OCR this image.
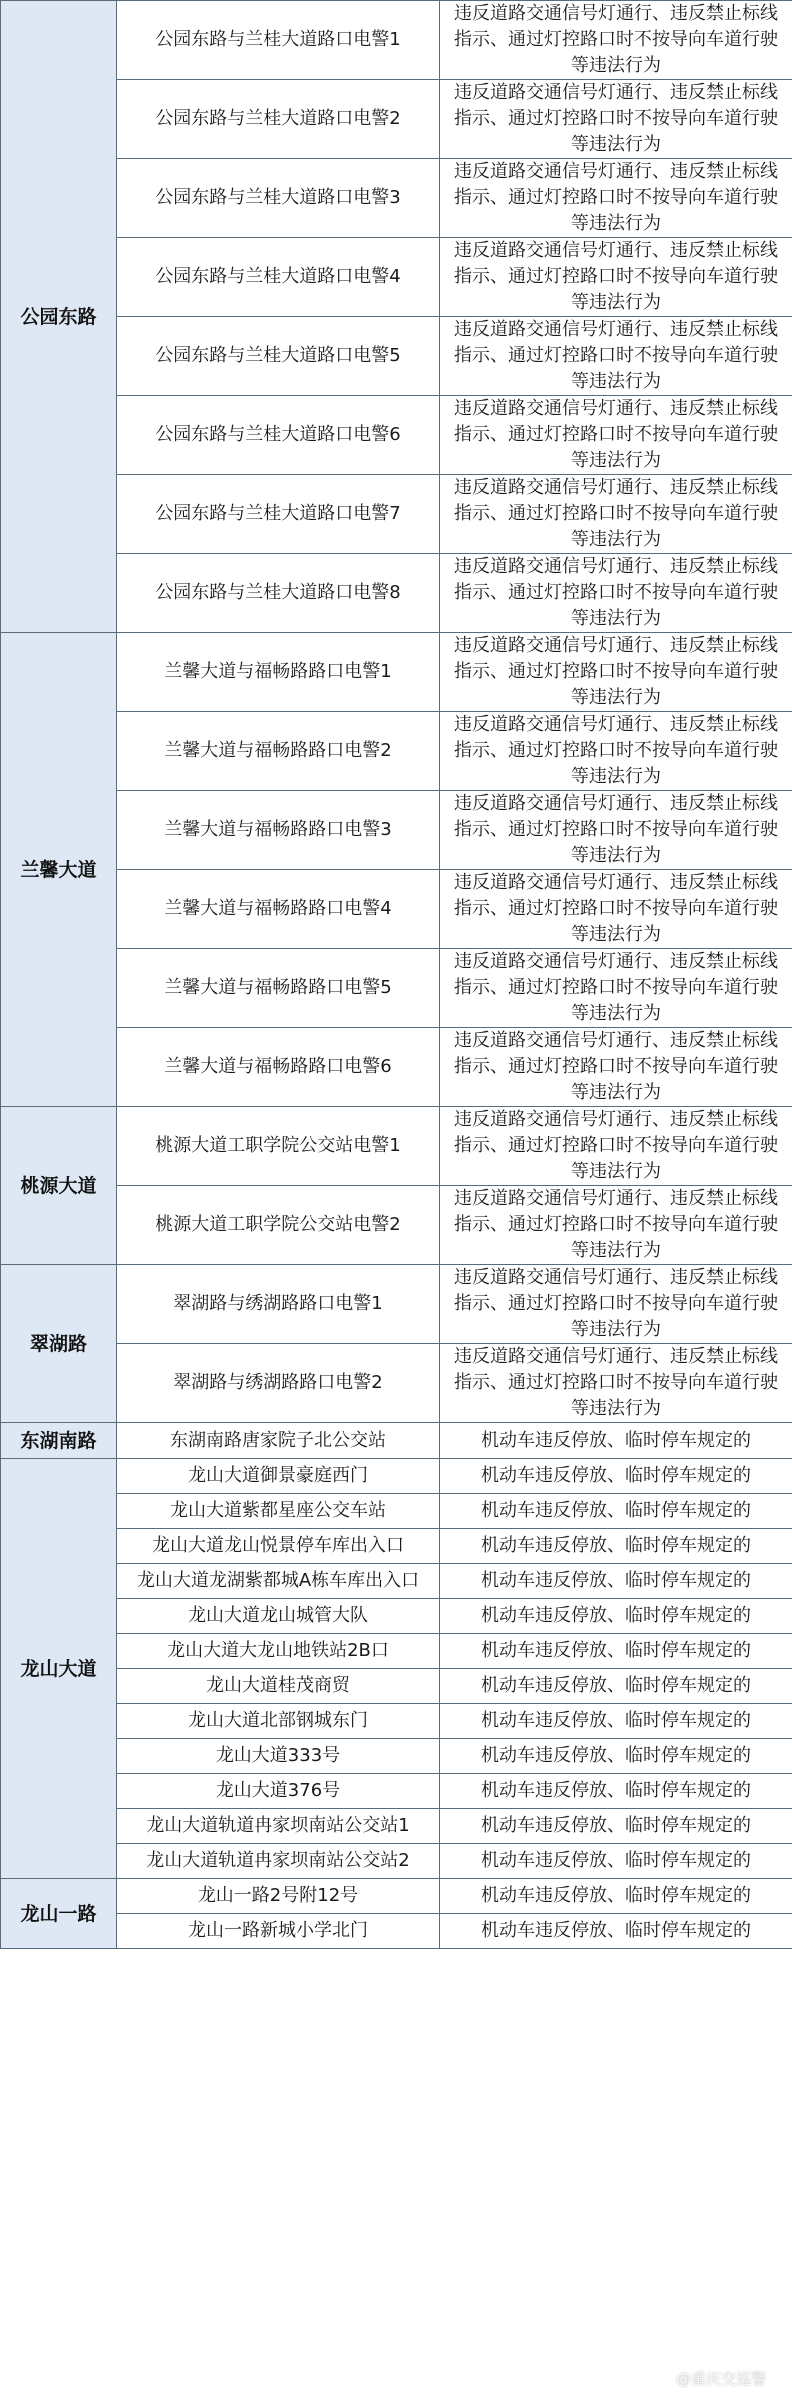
公园东路	公园东路与兰桂大道路口电警1	违反道路交通信号灯通行、违反禁止标线指示、通过灯控路口时不按导向车道行驶等违法行为
	公园东路与兰桂大道路口电警2	违反道路交通信号灯通行、违反禁止标线指示、通过灯控路口时不按导向车道行驶等违法行为
	公园东路与兰桂大道路口电警3	违反道路交通信号灯通行、违反禁止标线指示、通过灯控路口时不按导向车道行驶等违法行为
	公园东路与兰桂大道路口电警4	违反道路交通信号灯通行、违反禁止标线指示、通过灯控路口时不按导向车道行驶等违法行为
	公园东路与兰桂大道路口电警5	违反道路交通信号灯通行、违反禁止标线指示、通过灯控路口时不按导向车道行驶等违法行为
	公园东路与兰桂大道路口电警6	违反道路交通信号灯通行、违反禁止标线指示、通过灯控路口时不按导向车道行驶等违法行为
	公园东路与兰桂大道路口电警7	违反道路交通信号灯通行、违反禁止标线指示、通过灯控路口时不按导向车道行驶等违法行为
	公园东路与兰桂大道路口电警8	违反道路交通信号灯通行、违反禁止标线指示、通过灯控路口时不按导向车道行驶等违法行为
兰馨大道	兰馨大道与福畅路路口电警1	违反道路交通信号灯通行、违反禁止标线指示、通过灯控路口时不按导向车道行驶等违法行为
	兰馨大道与福畅路路口电警2	违反道路交通信号灯通行、违反禁止标线指示、通过灯控路口时不按导向车道行驶等违法行为
	兰馨大道与福畅路路口电警3	违反道路交通信号灯通行、违反禁止标线指示、通过灯控路口时不按导向车道行驶等违法行为
	兰馨大道与福畅路路口电警4	违反道路交通信号灯通行、违反禁止标线指示、通过灯控路口时不按导向车道行驶等违法行为
	兰馨大道与福畅路路口电警5	违反道路交通信号灯通行、违反禁止标线指示、通过灯控路口时不按导向车道行驶等违法行为
	兰馨大道与福畅路路口电警6	违反道路交通信号灯通行、违反禁止标线指示、通过灯控路口时不按导向车道行驶等违法行为
桃源大道	桃源大道工职学院公交站电警1	违反道路交通信号灯通行、违反禁止标线指示、通过灯控路口时不按导向车道行驶等违法行为
	桃源大道工职学院公交站电警2	违反道路交通信号灯通行、违反禁止标线指示、通过灯控路口时不按导向车道行驶等违法行为
翠湖路	翠湖路与绣湖路路口电警1	违反道路交通信号灯通行、违反禁止标线指示、通过灯控路口时不按导向车道行驶等违法行为
	翠湖路与绣湖路路口电警2	违反道路交通信号灯通行、违反禁止标线指示、通过灯控路口时不按导向车道行驶等违法行为
东湖南路	东湖南路唐家院子北公交站	机动车违反停放、临时停车规定的
龙山大道	龙山大道御景豪庭西门	机动车违反停放、临时停车规定的
	龙山大道紫都星座公交车站	机动车违反停放、临时停车规定的
	龙山大道龙山悦景停车库出入口	机动车违反停放、临时停车规定的
	龙山大道龙湖紫都城A栋车库出入口	机动车违反停放、临时停车规定的
	龙山大道龙山城管大队	机动车违反停放、临时停车规定的
	龙山大道大龙山地铁站2B口	机动车违反停放、临时停车规定的
	龙山大道桂茂商贸	机动车违反停放、临时停车规定的
	龙山大道北部钢城东门	机动车违反停放、临时停车规定的
	龙山大道333号	机动车违反停放、临时停车规定的
	龙山大道376号	机动车违反停放、临时停车规定的
	龙山大道轨道冉家坝南站公交站1	机动车违反停放、临时停车规定的
	龙山大道轨道冉家坝南站公交站2	机动车违反停放、临时停车规定的
龙山一路	龙山一路2号附12号	机动车违反停放、临时停车规定的
	龙山一路新城小学北门	机动车违反停放、临时停车规定的
@重庆交巡警
